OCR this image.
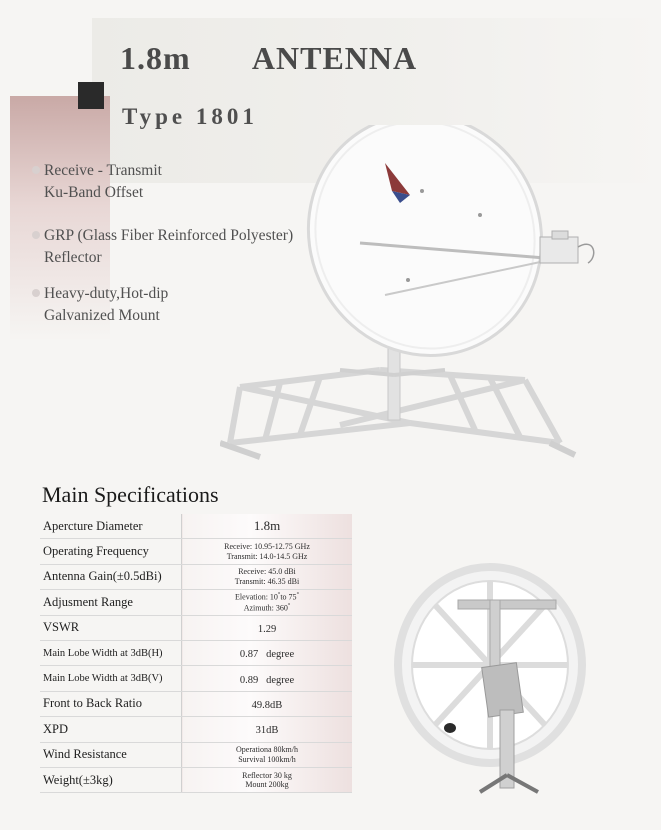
1.8m   ANTENNA
Type 1801
Receive - Transmit
Ku-Band Offset
GRP (Glass Fiber Reinforced Polyester)
Reflector
Heavy-duty,Hot-dip
Galvanized Mount
Main Specifications
Apercture Diameter	1.8m
Operating Frequency	Receive: 10.95-12.75 GHz
Transmit: 14.0-14.5 GHz

Antenna Gain(±0.5dBi)	Receive: 45.0 dBi
Transmit: 46.35 dBi

Adjusment Range	Elevation: 10°to 75°
Azimuth: 360°

VSWR	1.29
Main Lobe Width at 3dB(H)	0.87   degree
Main Lobe Width at 3dB(V)	0.89   degree
Front to Back Ratio	49.8dB
XPD	31dB
Wind Resistance	Operationa 80km/h
Survival 100km/h

Weight(±3kg)	Reflector 30 kg
Mount 200kg
